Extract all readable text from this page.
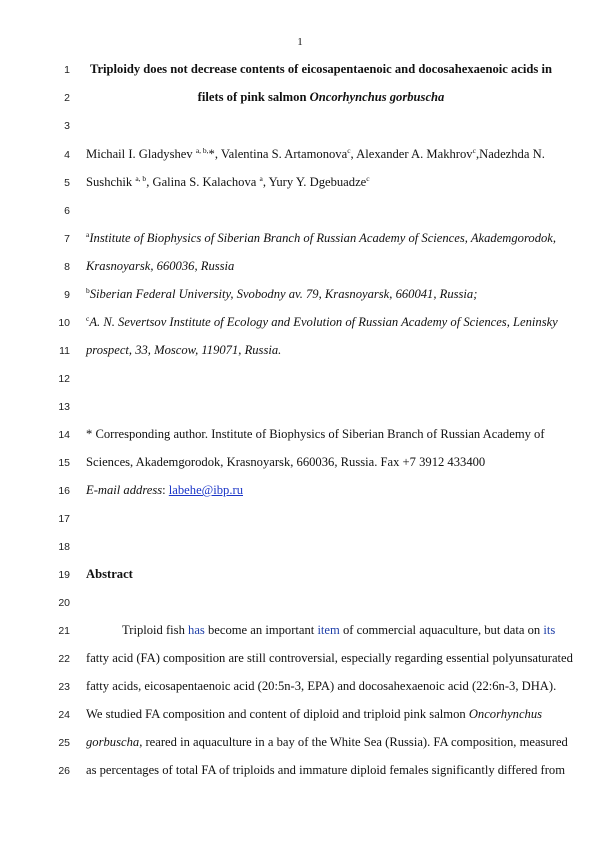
1
1
2
3
4
5
6
7
8
9
10
11
12
13
14
15
16
17
18
19
20
21
22
23
24
25
26
Triploidy does not decrease contents of eicosapentaenoic and docosahexaenoic acids in
filets of pink salmon Oncorhynchus gorbuscha
Michail I. Gladyshev $^{a, b,}$*, Valentina S. Artamonova$^c$, Alexander A. Makhrov$^c$,Nadezhda N.
Sushchik $^{a, b}$, Galina S. Kalachova $^a$, Yury Y. Dgebuadze$^c$
$^a$Institute of Biophysics of Siberian Branch of Russian Academy of Sciences, Akademgorodok,
Krasnoyarsk, 660036, Russia
$^b$Siberian Federal University, Svobodny av. 79, Krasnoyarsk, 660041, Russia;
$^c$A. N. Severtsov Institute of Ecology and Evolution of Russian Academy of Sciences, Leninsky
prospect, 33, Moscow, 119071, Russia.
* Corresponding author. Institute of Biophysics of Siberian Branch of Russian Academy of
Sciences, Akademgorodok, Krasnoyarsk, 660036, Russia. Fax +7 3912 433400
E-mail address: labehe@ibp.ru
Abstract
Triploid fish has become an important item of commercial aquaculture, but data on its
fatty acid (FA) composition are still controversial, especially regarding essential polyunsaturated
fatty acids, eicosapentaenoic acid (20:5n-3, EPA) and docosahexaenoic acid (22:6n-3, DHA).
We studied FA composition and content of diploid and triploid pink salmon Oncorhynchus
gorbuscha, reared in aquaculture in a bay of the White Sea (Russia). FA composition, measured
as percentages of total FA of triploids and immature diploid females significantly differed from
